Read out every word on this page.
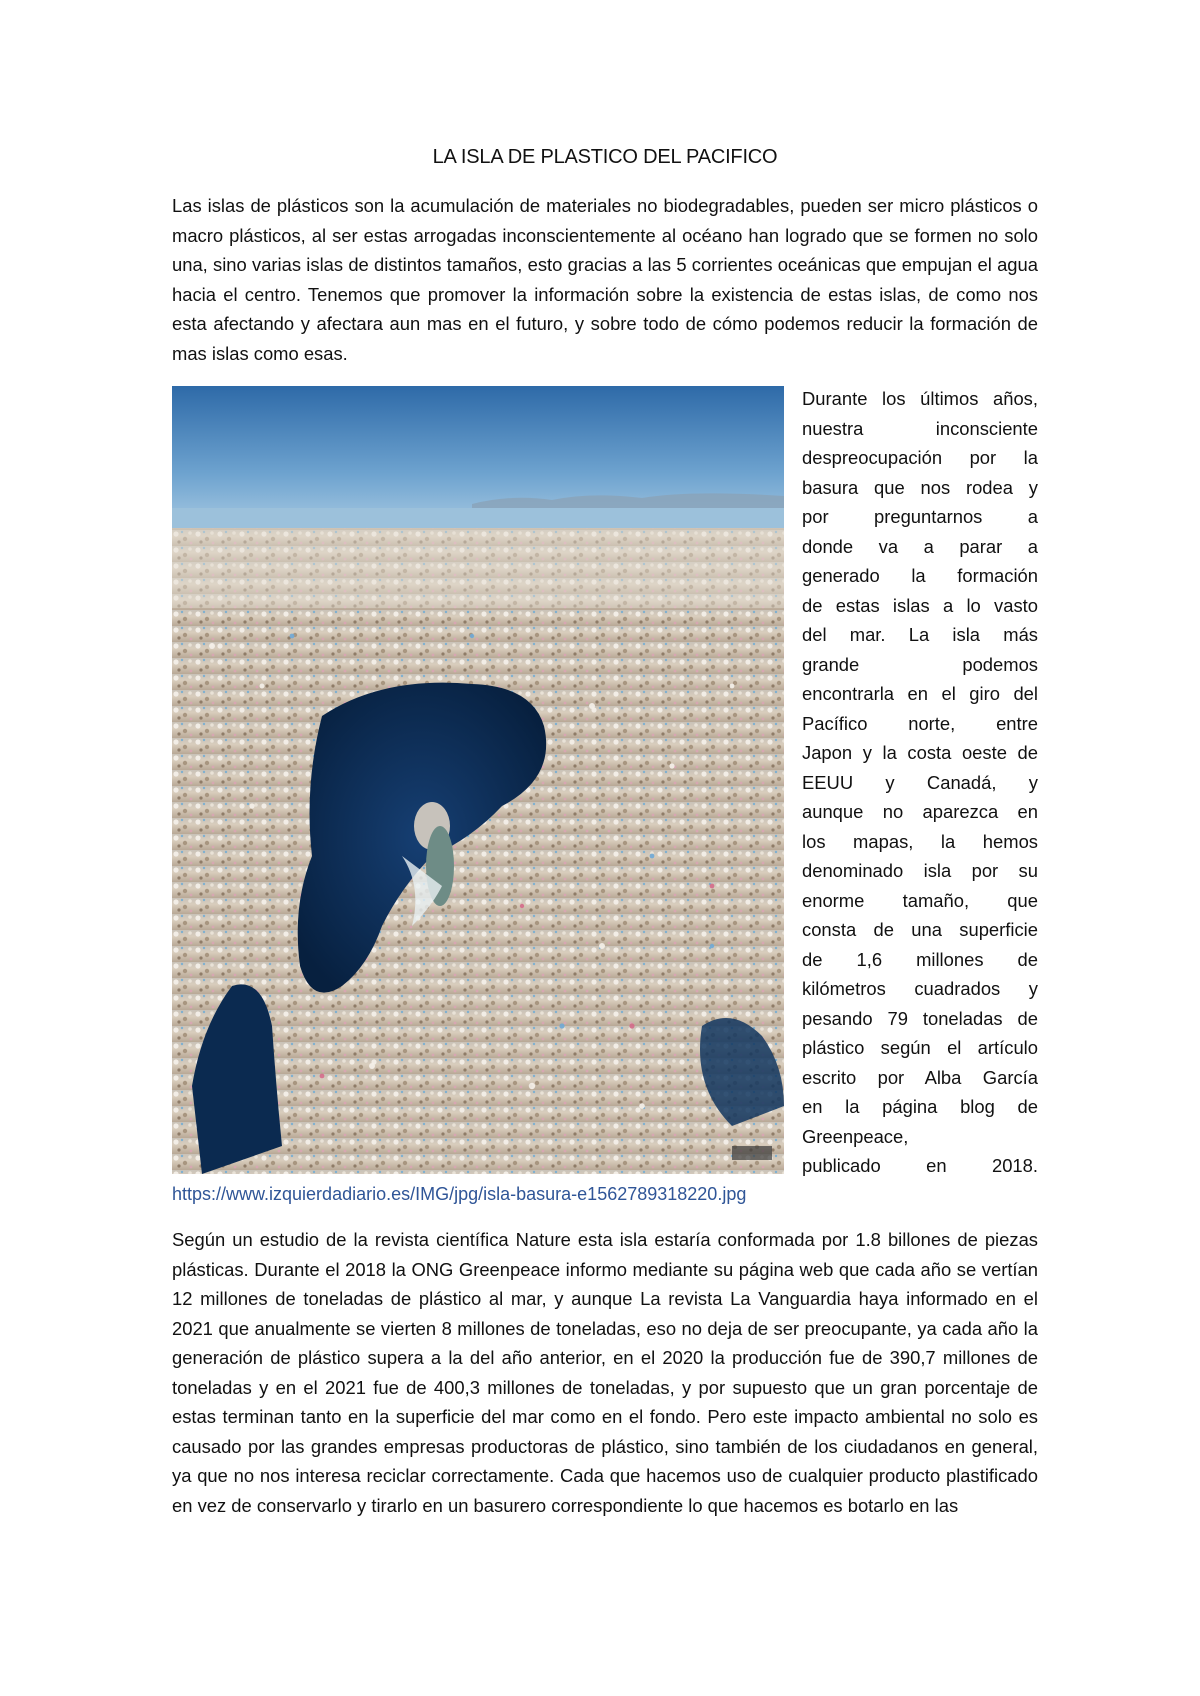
LA ISLA DE PLASTICO DEL PACIFICO

Las islas de plásticos son la acumulación de materiales no biodegradables, pueden ser micro plásticos o macro plásticos, al ser estas arrogadas inconscientemente al océano han logrado que se formen no solo una, sino varias islas de distintos tamaños, esto gracias a las 5 corrientes oceánicas que empujan el agua hacia el centro. Tenemos que promover la información sobre la existencia de estas islas, de como nos esta afectando y afectara aun mas en el futuro, y sobre todo de cómo podemos reducir la formación de mas islas como esas.

Durante los últimos años,

nuestra inconsciente

despreocupación por la

basura que nos rodea y

por preguntarnos a

donde va a parar a

generado la formación

de estas islas a lo vasto

del mar. La isla más

grande podemos

encontrarla en el giro del

Pacífico norte, entre

Japon y la costa oeste de

EEUU y Canadá, y

aunque no aparezca en

los mapas, la hemos

denominado isla por su

enorme tamaño, que

consta de una superficie

de 1,6 millones de

kilómetros cuadrados y

pesando 79 toneladas de

plástico según el artículo

escrito por Alba García

en la página blog de

Greenpeace,

publicado en 2018.

https://www.izquierdadiario.es/IMG/jpg/isla-basura-e1562789318220.jpg

Según un estudio de la revista científica Nature esta isla estaría conformada por 1.8 billones de piezas plásticas. Durante el 2018 la ONG Greenpeace informo mediante su página web que cada año se vertían 12 millones de toneladas de plástico al mar, y aunque La revista La Vanguardia haya informado en el 2021 que anualmente se vierten 8 millones de toneladas, eso no deja de ser preocupante, ya cada año la generación de plástico supera a la del año anterior, en el 2020 la producción fue de 390,7 millones de toneladas y en el 2021 fue de 400,3 millones de toneladas, y por supuesto que un gran porcentaje de estas terminan tanto en la superficie del mar como en el fondo. Pero este impacto ambiental no solo es causado por las grandes empresas productoras de plástico, sino también de los ciudadanos en general, ya que no nos interesa reciclar correctamente. Cada que hacemos uso de cualquier producto plastificado en vez de conservarlo y tirarlo en un basurero correspondiente lo que hacemos es botarlo en las
